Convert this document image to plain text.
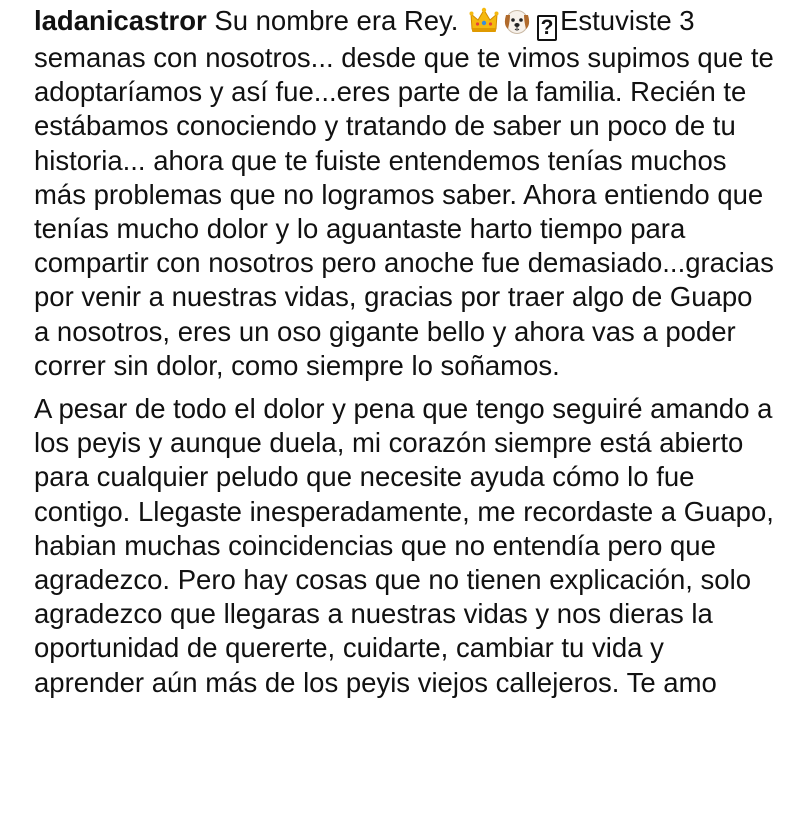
ladanicastror Su nombre era Rey.	? Estuviste 3 semanas con nosotros... desde que te vimos supimos que te adoptaríamos y así fue...eres parte de la familia. Recién te estábamos conociendo y tratando de saber un poco de tu historia... ahora que te fuiste entendemos tenías muchos más problemas que no logramos saber. Ahora entiendo que tenías mucho dolor y lo aguantaste harto tiempo para compartir con nosotros pero anoche fue demasiado...gracias por venir a nuestras vidas, gracias por traer algo de Guapo a nosotros, eres un oso gigante bello y ahora vas a poder correr sin dolor, como siempre lo soñamos.

A pesar de todo el dolor y pena que tengo seguiré amando a los peyis y aunque duela, mi corazón siempre está abierto para cualquier peludo que necesite ayuda cómo lo fue contigo. Llegaste inesperadamente, me recordaste a Guapo, habian muchas coincidencias que no entendía pero que agradezco. Pero hay cosas que no tienen explicación, solo agradezco que llegaras a nuestras vidas y nos dieras la oportunidad de quererte, cuidarte, cambiar tu vida y aprender aún más de los peyis viejos callejeros. Te amo
